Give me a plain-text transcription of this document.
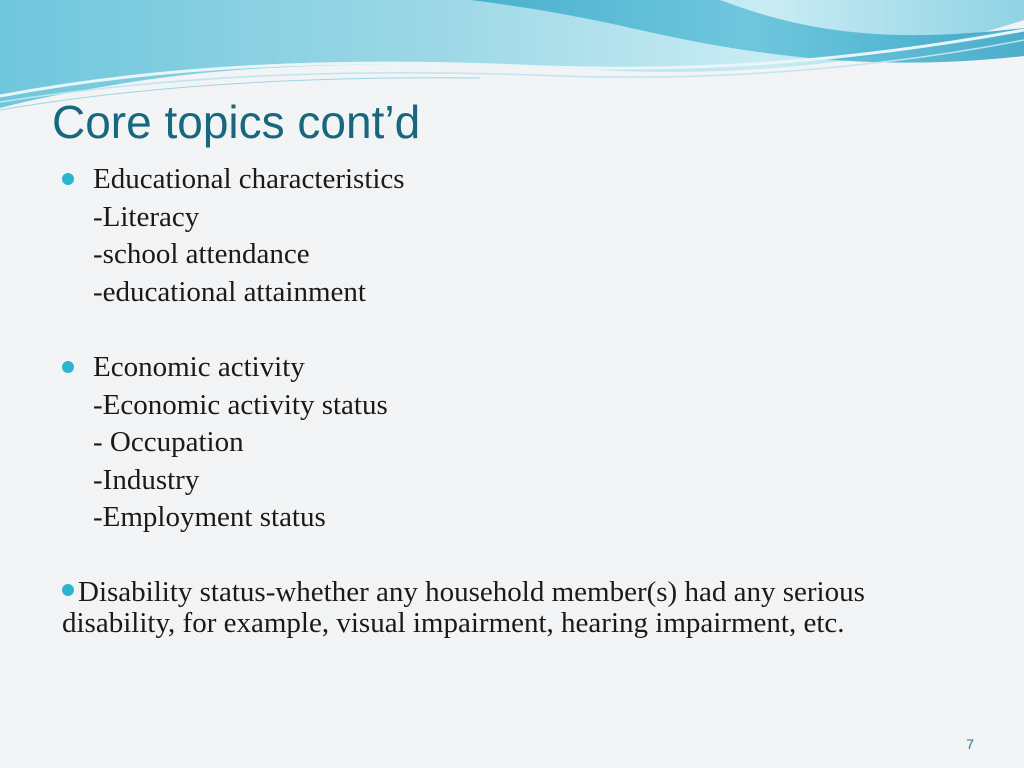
Core topics cont’d
Educational characteristics
-Literacy
-school attendance
-educational attainment
Economic activity
-Economic activity status
- Occupation
-Industry
-Employment status

Disability status-whether any household member(s) had any serious disability, for example, visual impairment, hearing impairment, etc.

7
